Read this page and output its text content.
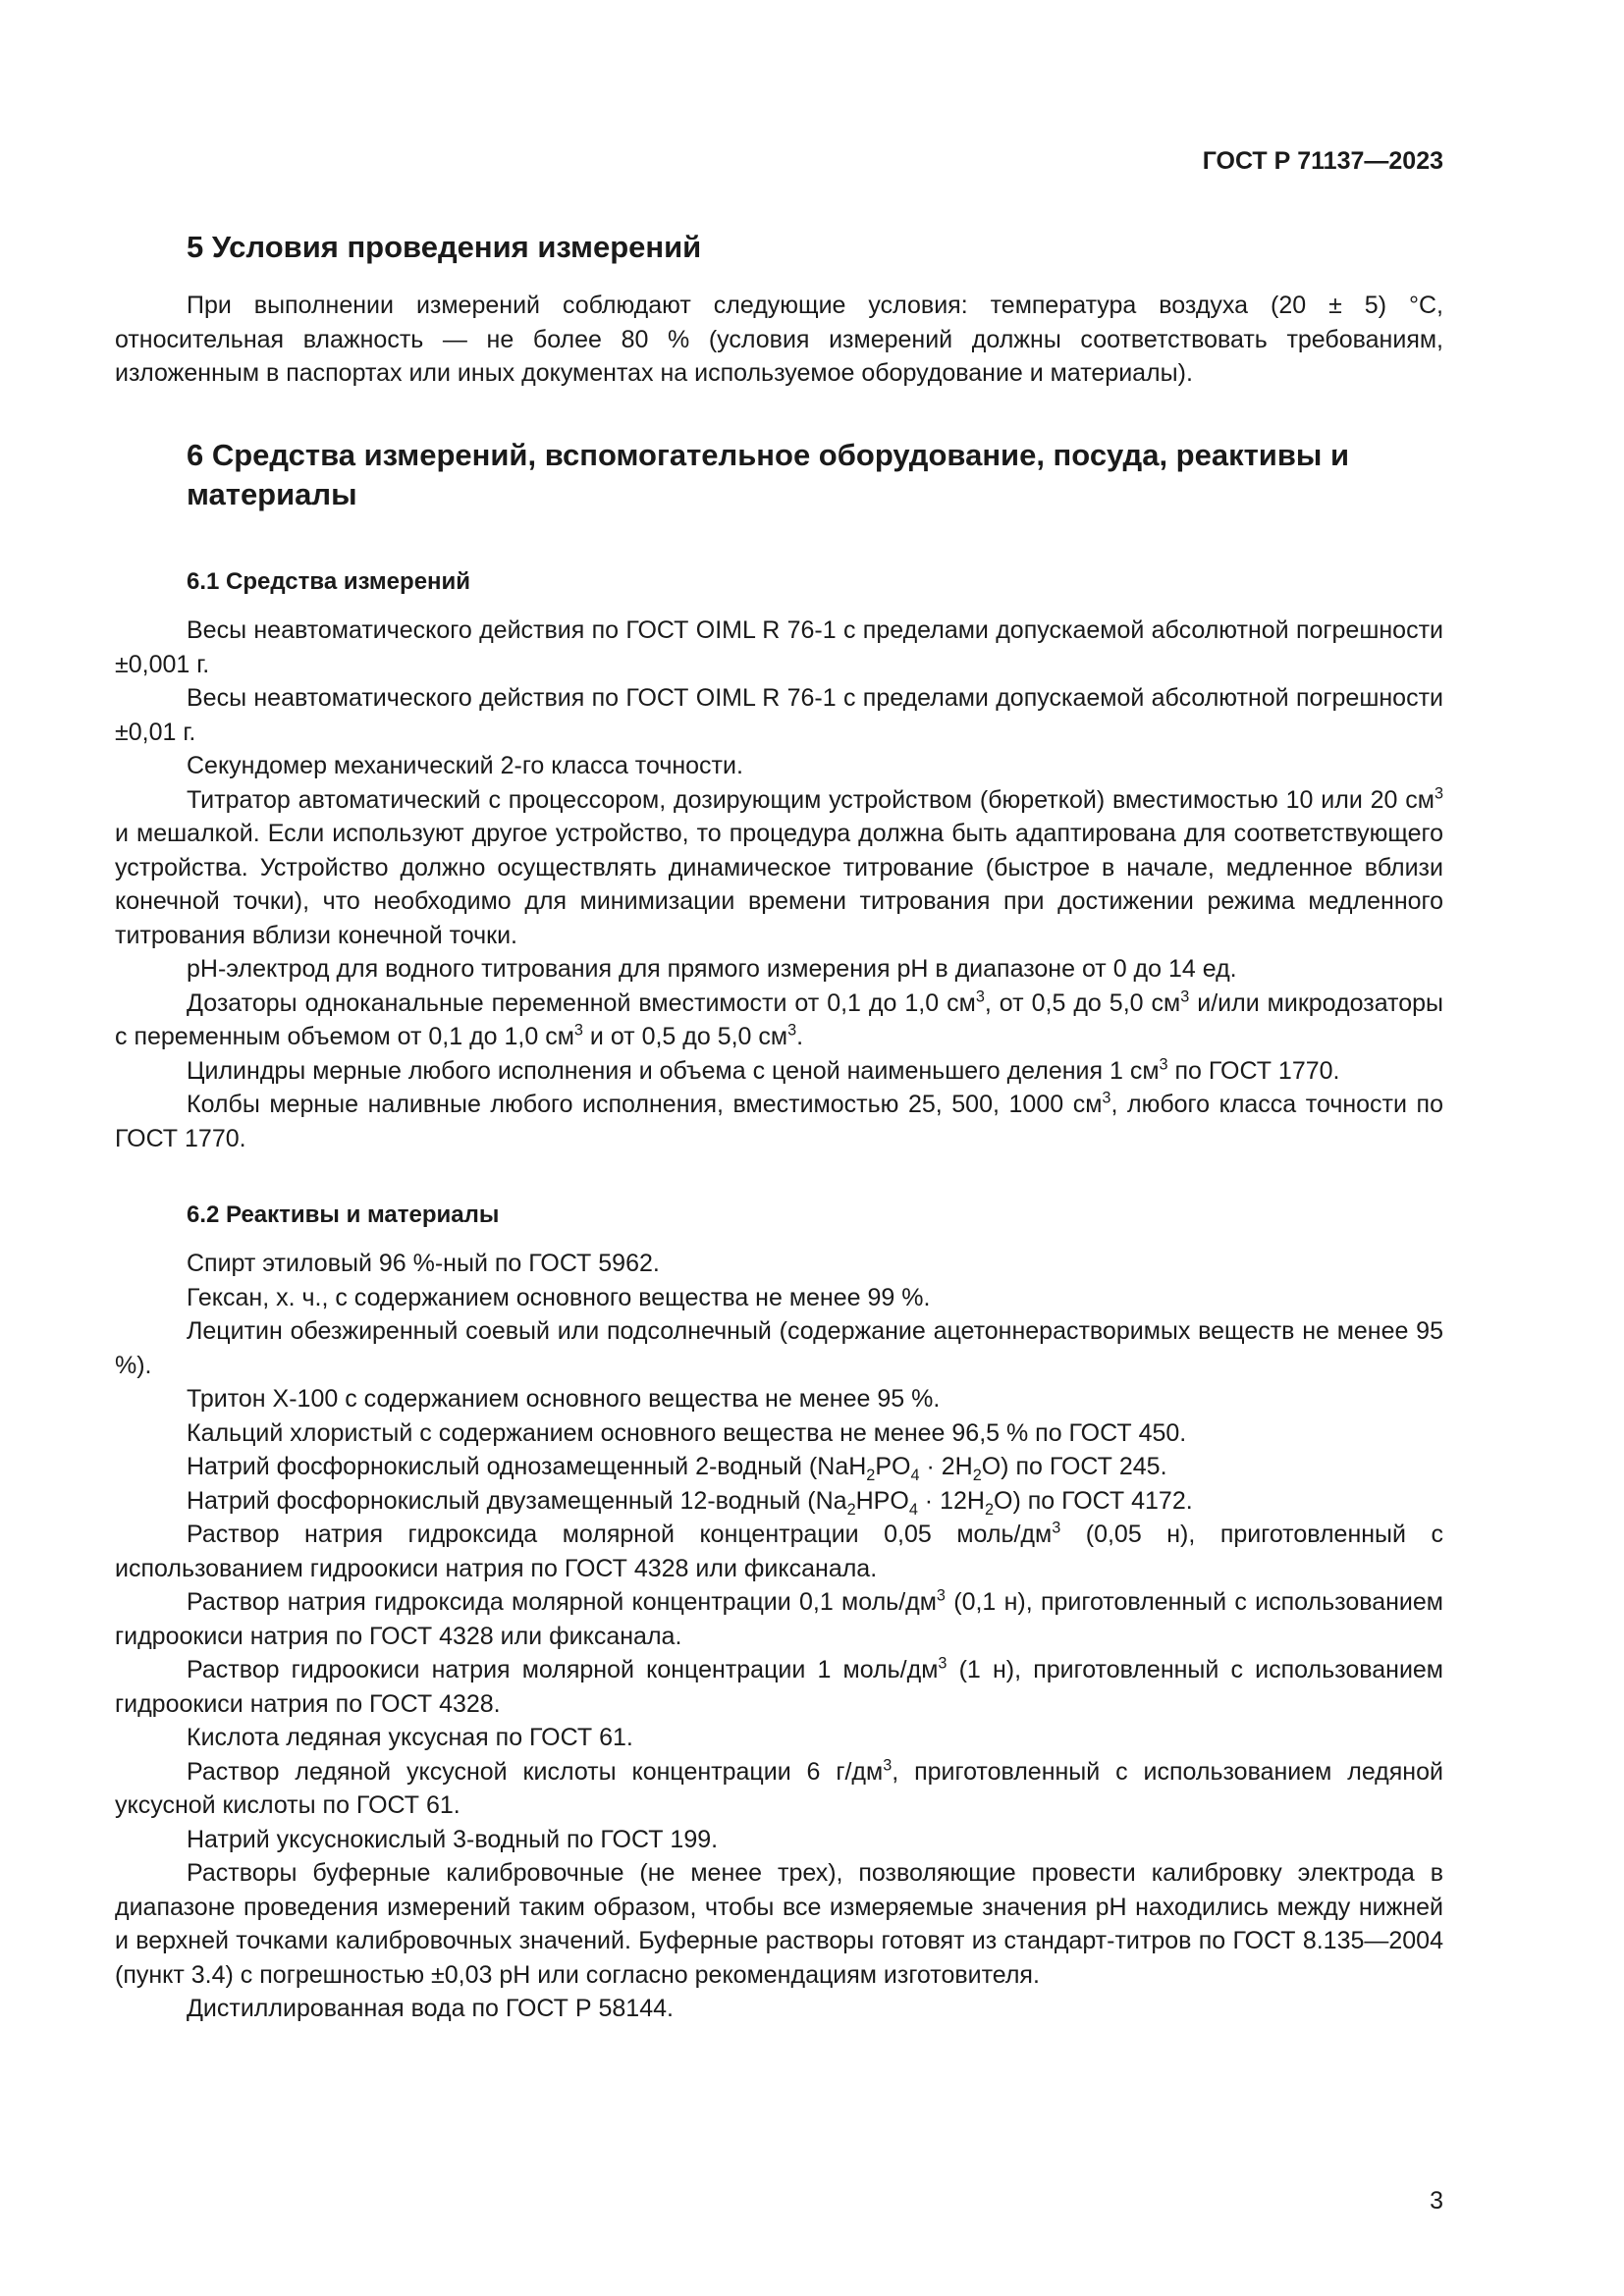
ГОСТ Р 71137—2023
5 Условия проведения измерений

При выполнении измерений соблюдают следующие условия: температура воздуха (20 ± 5) °С, относительная влажность — не более 80 % (условия измерений должны соответствовать требованиям, изложенным в паспортах или иных документах на используемое оборудование и материалы).

6 Средства измерений, вспомогательное оборудование, посуда, реактивы и материалы
6.1 Средства измерений

Весы неавтоматического действия по ГОСТ OIML R 76-1 с пределами допускаемой абсолютной погрешности ±0,001 г.

Весы неавтоматического действия по ГОСТ OIML R 76-1 с пределами допускаемой абсолютной погрешности ±0,01 г.

Секундомер механический 2-го класса точности.

Титратор автоматический с процессором, дозирующим устройством (бюреткой) вместимостью 10 или 20 $см^3$ и мешалкой. Если используют другое устройство, то процедура должна быть адаптирована для соответствующего устройства. Устройство должно осуществлять динамическое титрование (быстрое в начале, медленное вблизи конечной точки), что необходимо для минимизации времени титрования при достижении режима медленного титрования вблизи конечной точки.

pH-электрод для водного титрования для прямого измерения pH в диапазоне от 0 до 14 ед.

Дозаторы одноканальные переменной вместимости от 0,1 до 1,0 $см^3$, от 0,5 до 5,0 $см^3$ и/или микродозаторы с переменным объемом от 0,1 до 1,0 $см^3$ и от 0,5 до 5,0 $см^3$.

Цилиндры мерные любого исполнения и объема с ценой наименьшего деления 1 $см^3$ по ГОСТ 1770.

Колбы мерные наливные любого исполнения, вместимостью 25, 500, 1000 $см^3$, любого класса точности по ГОСТ 1770.

6.2 Реактивы и материалы

Спирт этиловый 96 %-ный по ГОСТ 5962.

Гексан, х. ч., с содержанием основного вещества не менее 99 %.

Лецитин обезжиренный соевый или подсолнечный (содержание ацетоннерастворимых веществ не менее 95 %).

Тритон Х-100 с содержанием основного вещества не менее 95 %.

Кальций хлористый с содержанием основного вещества не менее 96,5 % по ГОСТ 450.

Натрий фосфорнокислый однозамещенный 2-водный $(NaH_2PO_4 \cdot 2H_2O)$ по ГОСТ 245.

Натрий фосфорнокислый двузамещенный 12-водный $(Na_2HPO_4 \cdot 12H_2O)$ по ГОСТ 4172.

Раствор натрия гидроксида молярной концентрации 0,05 моль/$дм^3$ (0,05 н), приготовленный с использованием гидроокиси натрия по ГОСТ 4328 или фиксанала.

Раствор натрия гидроксида молярной концентрации 0,1 моль/$дм^3$ (0,1 н), приготовленный с использованием гидроокиси натрия по ГОСТ 4328 или фиксанала.

Раствор гидроокиси натрия молярной концентрации 1 моль/$дм^3$ (1 н), приготовленный с использованием гидроокиси натрия по ГОСТ 4328.

Кислота ледяная уксусная по ГОСТ 61.

Раствор ледяной уксусной кислоты концентрации 6 $г/дм^3$, приготовленный с использованием ледяной уксусной кислоты по ГОСТ 61.

Натрий уксуснокислый 3-водный по ГОСТ 199.

Растворы буферные калибровочные (не менее трех), позволяющие провести калибровку электрода в диапазоне проведения измерений таким образом, чтобы все измеряемые значения pH находились между нижней и верхней точками калибровочных значений. Буферные растворы готовят из стандарт-титров по ГОСТ 8.135—2004 (пункт 3.4) с погрешностью ±0,03 pH или согласно рекомендациям изготовителя.

Дистиллированная вода по ГОСТ Р 58144.

3
